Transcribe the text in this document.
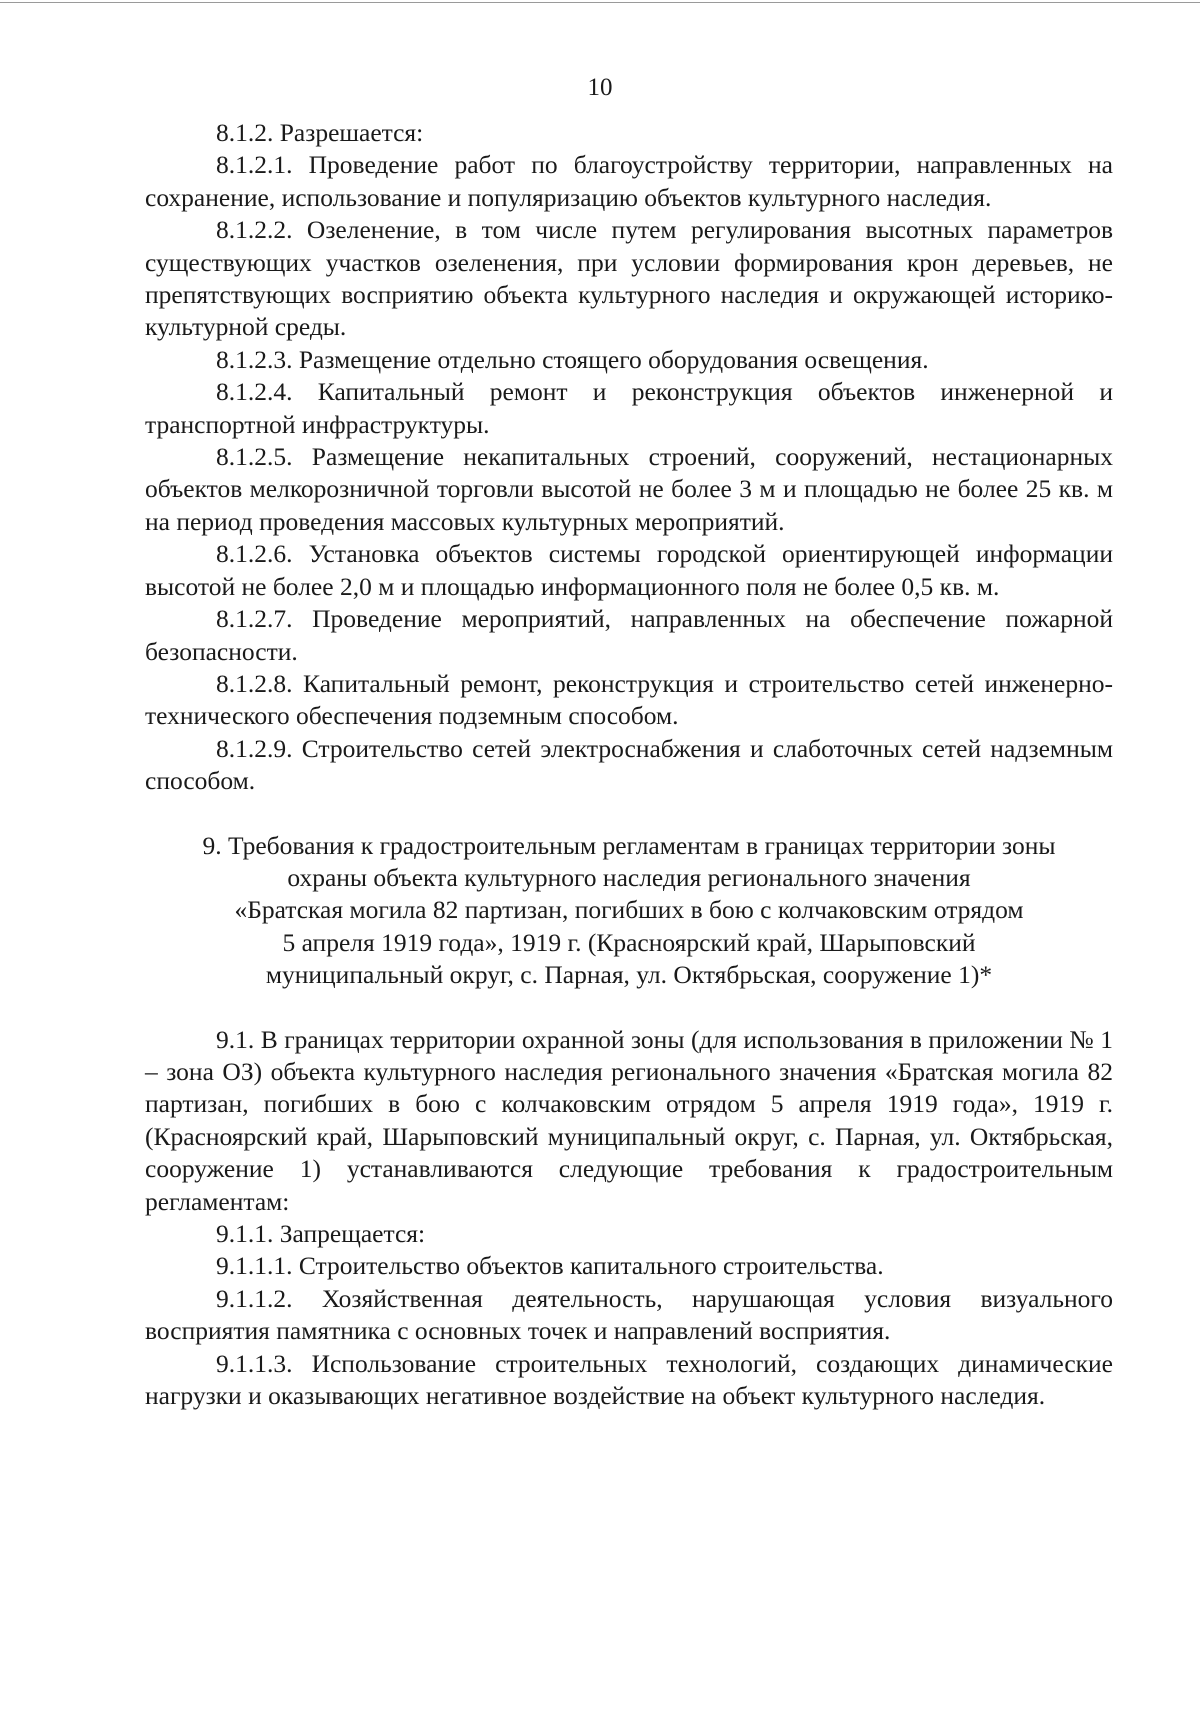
10

8.1.2. Разрешается:

8.1.2.1. Проведение работ по благоустройству территории, направленных на сохранение, использование и популяризацию объектов культурного наследия.

8.1.2.2. Озеленение, в том числе путем регулирования высотных параметров существующих участков озеленения, при условии формирования крон деревьев, не препятствующих восприятию объекта культурного наследия и окружающей историко-культурной среды.

8.1.2.3. Размещение отдельно стоящего оборудования освещения.

8.1.2.4. Капитальный ремонт и реконструкция объектов инженерной и транспортной инфраструктуры.

8.1.2.5. Размещение некапитальных строений, сооружений, нестационарных объектов мелкорозничной торговли высотой не более 3 м и площадью не более 25 кв. м на период проведения массовых культурных мероприятий.

8.1.2.6. Установка объектов системы городской ориентирующей информации высотой не более 2,0 м и площадью информационного поля не более 0,5 кв. м.

8.1.2.7. Проведение мероприятий, направленных на обеспечение пожарной безопасности.

8.1.2.8. Капитальный ремонт, реконструкция и строительство сетей инженерно-технического обеспечения подземным способом.

8.1.2.9. Строительство сетей электроснабжения и слаботочных сетей надземным способом.

9. Требования к градостроительным регламентам в границах территории зоны
охраны объекта культурного наследия регионального значения
«Братская могила 82 партизан, погибших в бою с колчаковским отрядом
5 апреля 1919 года», 1919 г. (Красноярский край, Шарыповский
муниципальный округ, с. Парная, ул. Октябрьская, сооружение 1)*

9.1. В границах территории охранной зоны (для использования в приложении № 1 – зона ОЗ) объекта культурного наследия регионального значения «Братская могила 82 партизан, погибших в бою с колчаковским отрядом 5 апреля 1919 года», 1919 г. (Красноярский край, Шарыповский муниципальный округ, с. Парная, ул. Октябрьская, сооружение 1) устанавливаются следующие требования к градостроительным регламентам:

9.1.1. Запрещается:

9.1.1.1. Строительство объектов капитального строительства.

9.1.1.2. Хозяйственная деятельность, нарушающая условия визуального восприятия памятника с основных точек и направлений восприятия.

9.1.1.3. Использование строительных технологий, создающих динамические нагрузки и оказывающих негативное воздействие на объект культурного наследия.
